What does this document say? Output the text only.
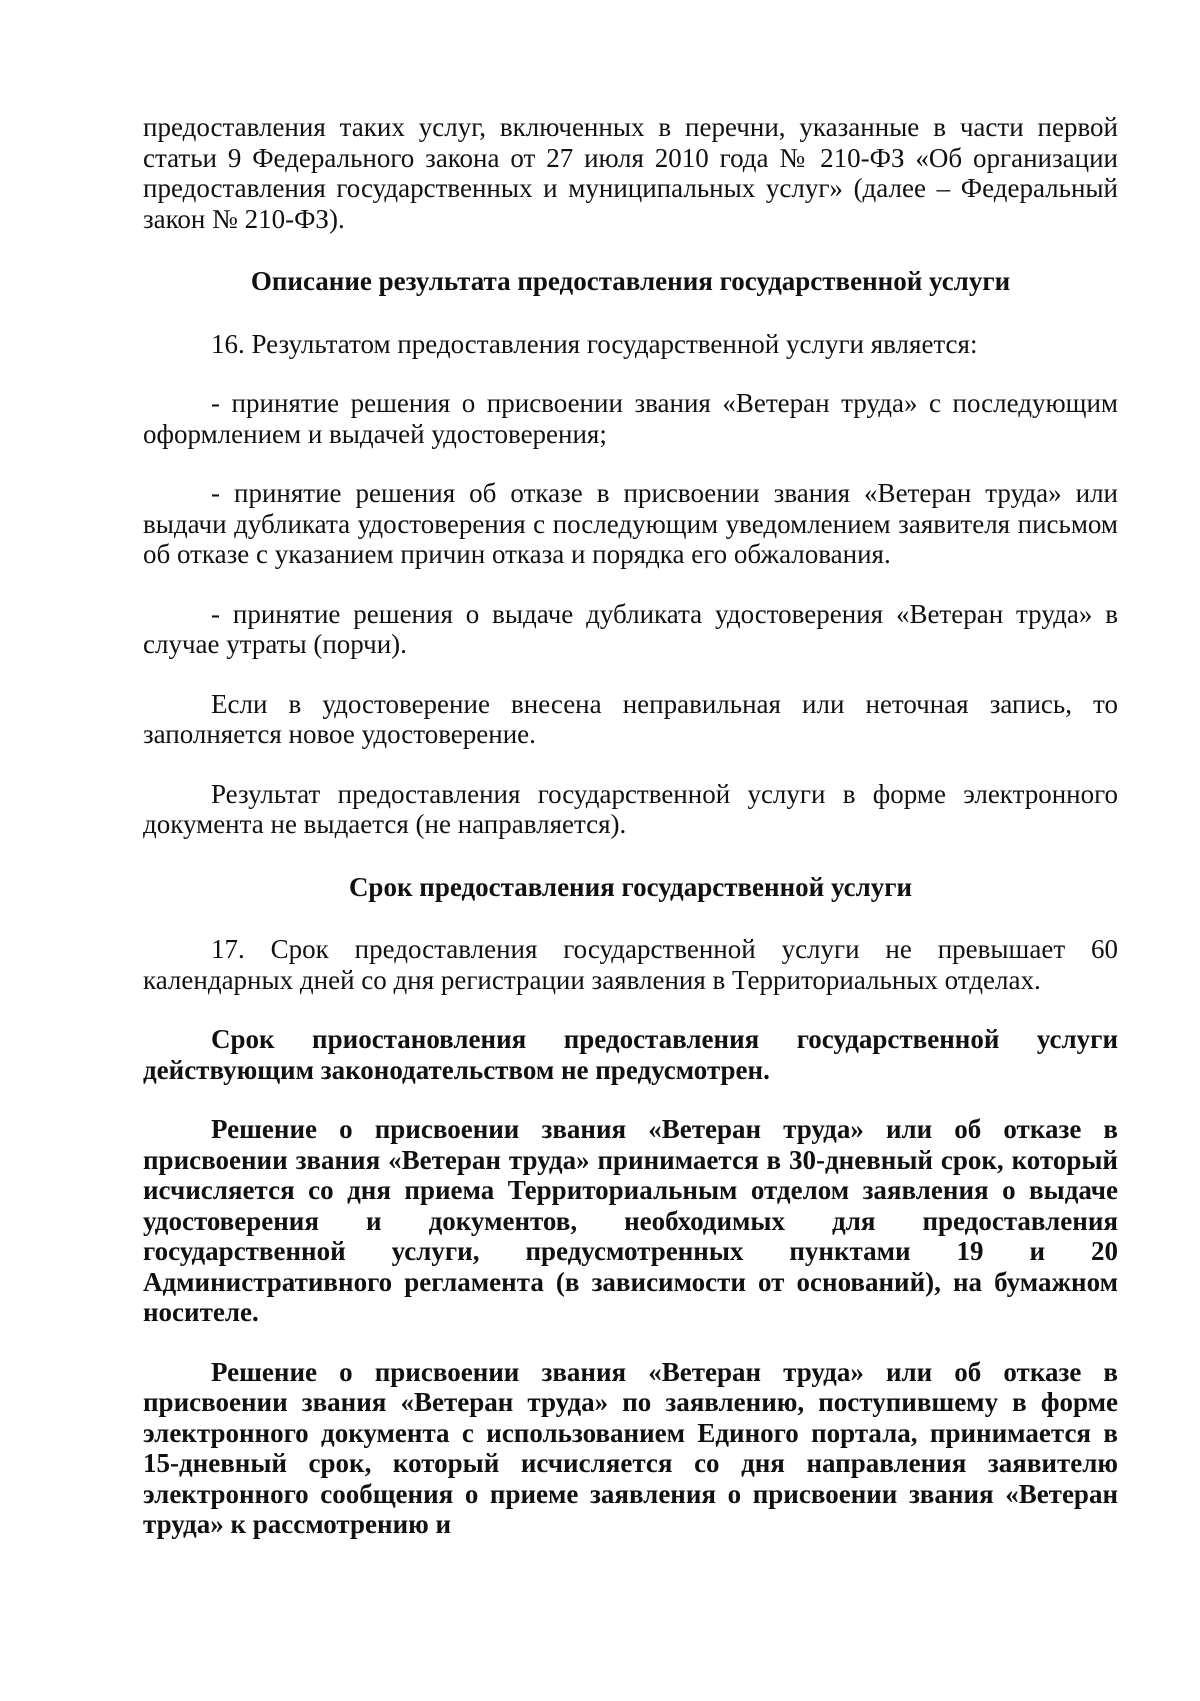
предоставления таких услуг, включенных в перечни, указанные в части первой статьи 9 Федерального закона от 27 июля 2010 года № 210-ФЗ «Об организации предоставления государственных и муниципальных услуг» (далее – Федеральный закон № 210-ФЗ).

Описание результата предоставления государственной услуги

16. Результатом предоставления государственной услуги является:

- принятие решения о присвоении звания «Ветеран труда» с последующим оформлением и выдачей удостоверения;

- принятие решения об отказе в присвоении звания «Ветеран труда» или выдачи дубликата удостоверения с последующим уведомлением заявителя письмом об отказе с указанием причин отказа и порядка его обжалования.

- принятие решения о выдаче дубликата удостоверения «Ветеран труда» в случае утраты (порчи).

Если в удостоверение внесена неправильная или неточная запись, то заполняется новое удостоверение.

Результат предоставления государственной услуги в форме электронного документа не выдается (не направляется).

Срок предоставления государственной услуги

17. Срок предоставления государственной услуги не превышает 60 календарных дней со дня регистрации заявления в Территориальных отделах.

Срок приостановления предоставления государственной услуги действующим законодательством не предусмотрен.

Решение о присвоении звания «Ветеран труда» или об отказе в присвоении звания «Ветеран труда» принимается в 30-дневный срок, который исчисляется со дня приема Территориальным отделом заявления о выдаче удостоверения и документов, необходимых для предоставления государственной услуги, предусмотренных пунктами 19 и 20 Административного регламента (в зависимости от оснований), на бумажном носителе.

Решение о присвоении звания «Ветеран труда» или об отказе в присвоении звания «Ветеран труда» по заявлению, поступившему в форме электронного документа с использованием Единого портала, принимается в 15-дневный срок, который исчисляется со дня направления заявителю электронного сообщения о приеме заявления о присвоении звания «Ветеран труда» к рассмотрению и
